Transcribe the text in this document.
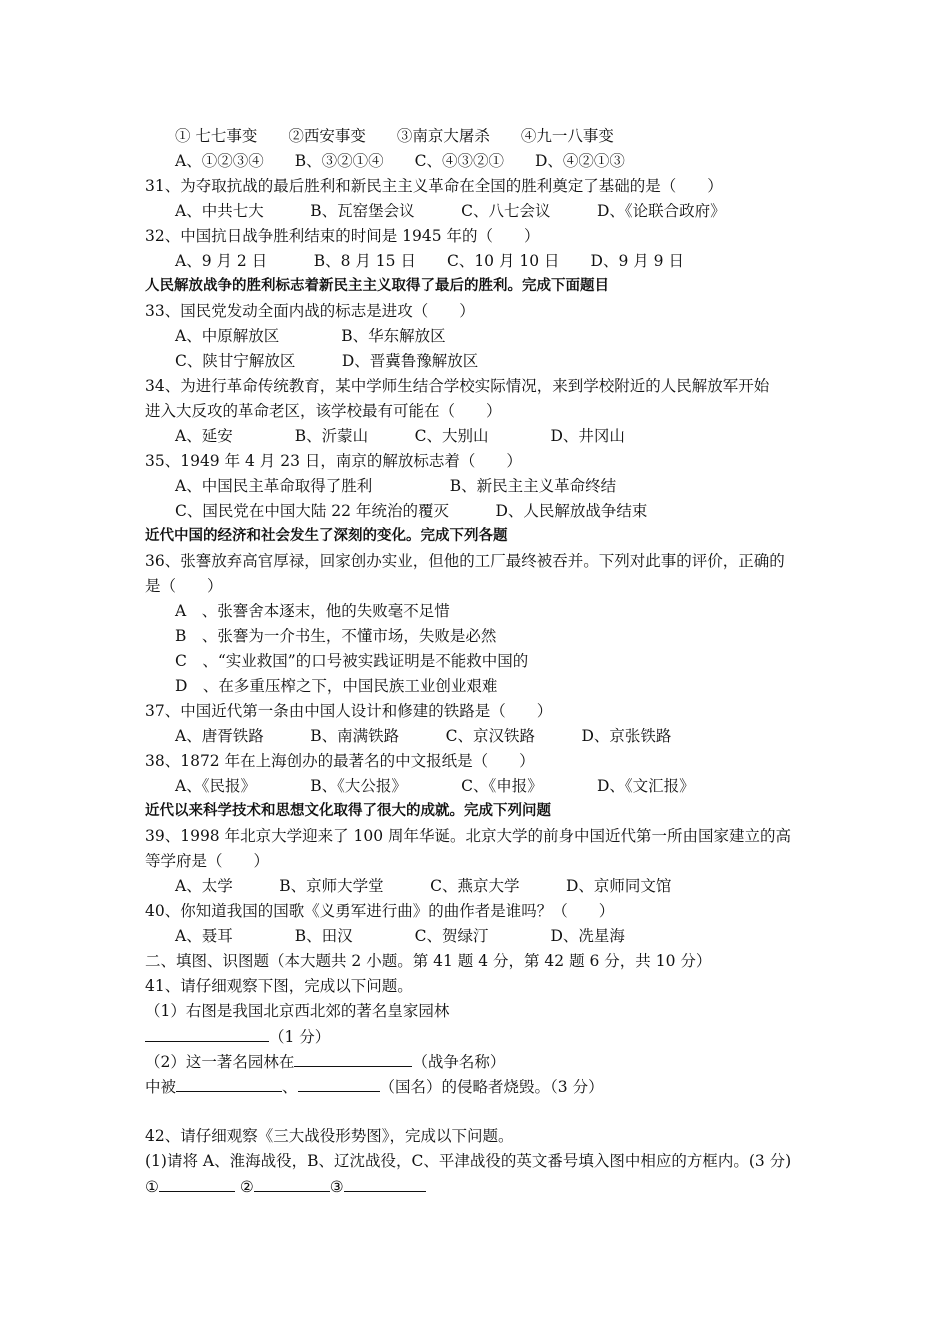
① 七七事变　　②西安事变　　③南京大屠杀　　④九一八事变
A、①②③④　　B、③②①④　　C、④③②①　　D、④②①③
31、为夺取抗战的最后胜利和新民主主义革命在全国的胜利奠定了基础的是（　　）
A、中共七大　　　B、瓦窑堡会议　　　C、八七会议　　　D、《论联合政府》
32、中国抗日战争胜利结束的时间是 1945 年的（　　）
A、9 月 2 日　　　B、8 月 15 日　　C、10 月 10 日　　D、9 月 9 日
人民解放战争的胜利标志着新民主主义取得了最后的胜利。完成下面题目
33、国民党发动全面内战的标志是进攻（　　）
A、中原解放区　　　　B、华东解放区
C、陕甘宁解放区　　　D、晋冀鲁豫解放区
34、为进行革命传统教育，某中学师生结合学校实际情况，来到学校附近的人民解放军开始
进入大反攻的革命老区，该学校最有可能在（　　）
A、延安　　　　B、沂蒙山　　　C、大别山　　　　D、井冈山
35、1949 年 4 月 23 日，南京的解放标志着（　　）
A、中国民主革命取得了胜利　　　　　B、新民主主义革命终结
C、国民党在中国大陆 22 年统治的覆灭　　　D、人民解放战争结束
近代中国的经济和社会发生了深刻的变化。完成下列各题
36、张謇放弃高官厚禄，回家创办实业，但他的工厂最终被吞并。下列对此事的评价，正确的
是（　　）
A　、张謇舍本逐末，他的失败毫不足惜
B　、张謇为一介书生，不懂市场，失败是必然
C　、“实业救国”的口号被实践证明是不能救中国的
D　、在多重压榨之下，中国民族工业创业艰难
37、中国近代第一条由中国人设计和修建的铁路是（　　）
A、唐胥铁路　　　B、南满铁路　　　C、京汉铁路　　　D、京张铁路
38、1872 年在上海创办的最著名的中文报纸是（　　）
A、《民报》　　　　B、《大公报》　　　　C、《申报》　　　　D、《文汇报》
近代以来科学技术和思想文化取得了很大的成就。完成下列问题
39、1998 年北京大学迎来了 100 周年华诞。北京大学的前身中国近代第一所由国家建立的高
等学府是（　　）
A、太学　　　B、京师大学堂　　　C、燕京大学　　　D、京师同文馆
40、你知道我国的国歌《义勇军进行曲》的曲作者是谁吗？（　　）
A、聂耳　　　　B、田汉　　　　C、贺绿汀　　　　D、冼星海
二、填图、识图题（本大题共 2 小题。第 41 题 4 分，第 42 题 6 分，共 10 分）
41、请仔细观察下图，完成以下问题。
（1）右图是我国北京西北郊的著名皇家园林
（1 分）
（2）这一著名园林在	（战争名称）
中被	、	（国名）的侵略者烧毁。（3 分）
42、请仔细观察《三大战役形势图》，完成以下问题。
(1)请将 A、淮海战役，B、辽沈战役，C、平津战役的英文番号填入图中相应的方框内。(3 分)
①	②	③
